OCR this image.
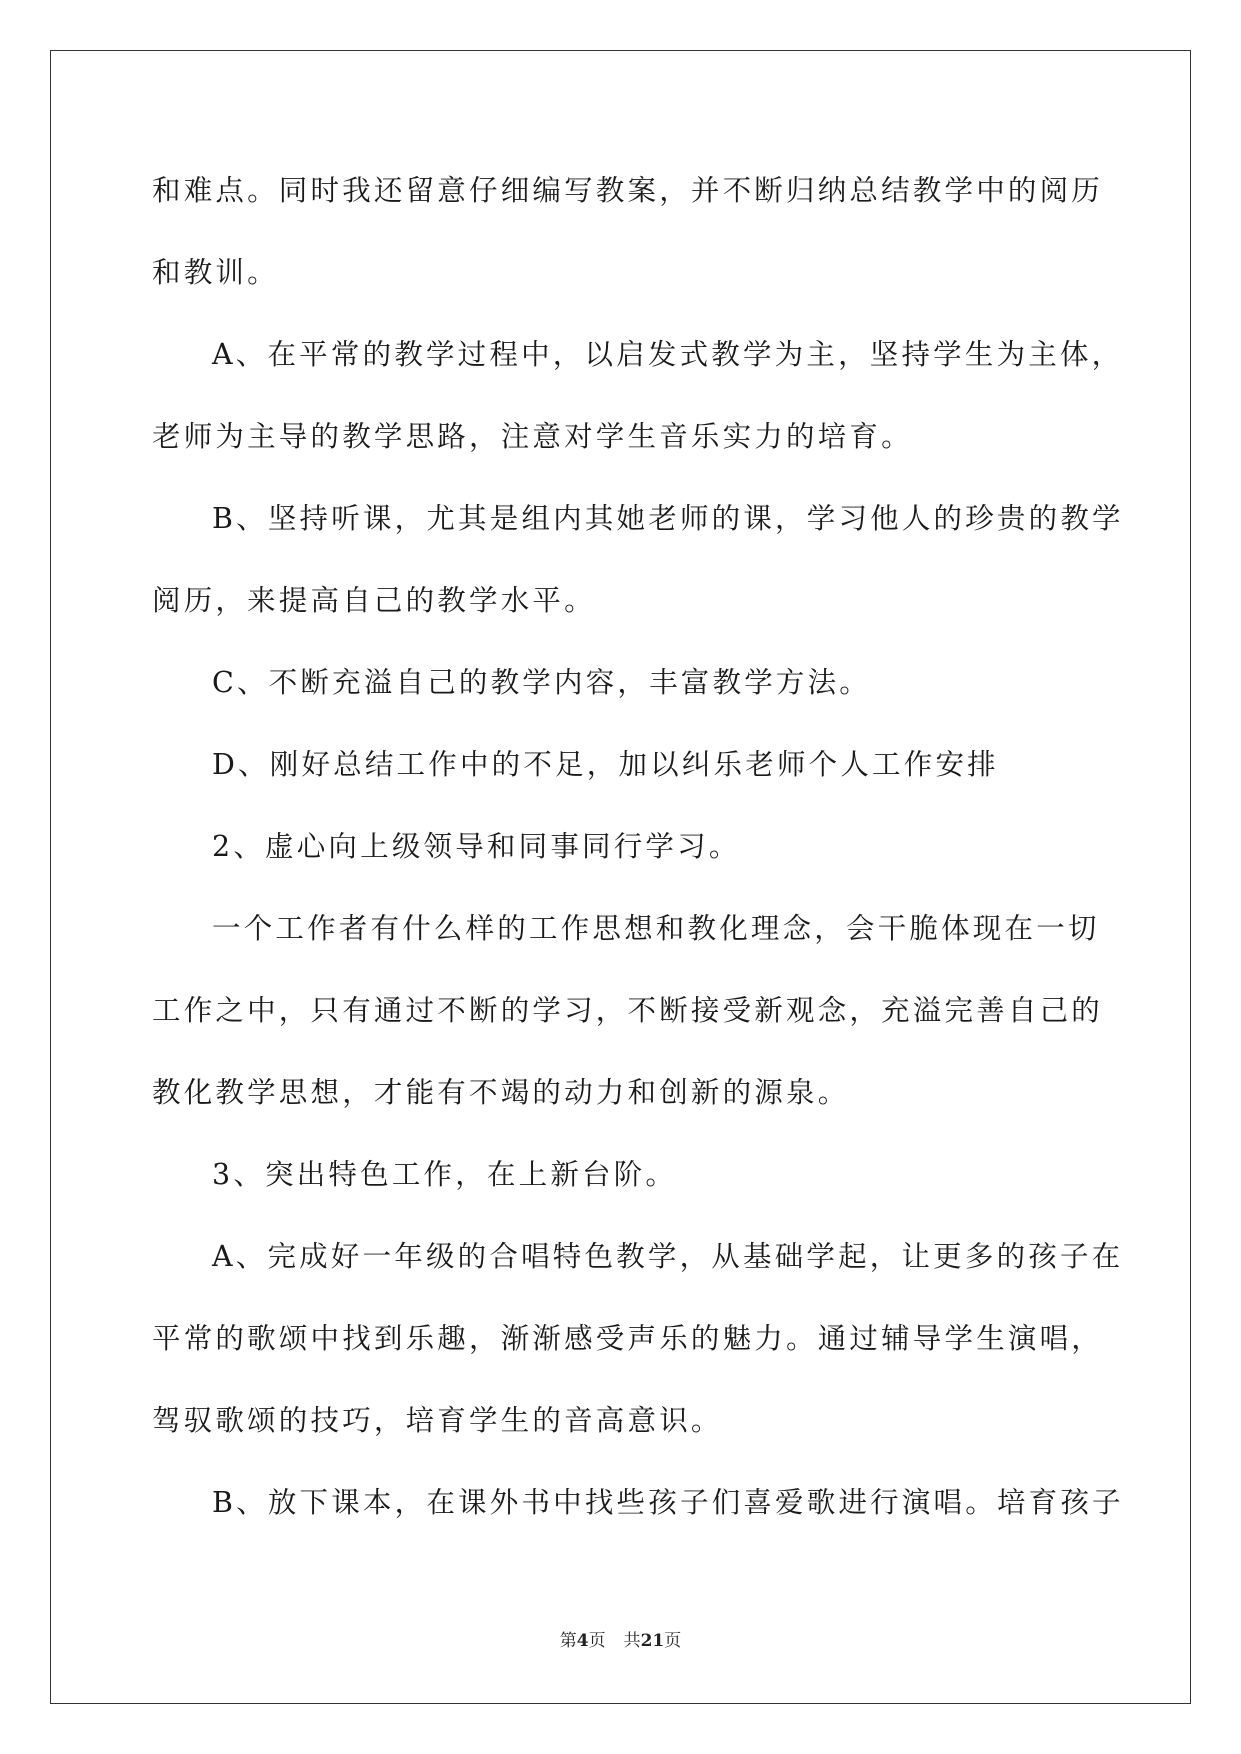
和难点。同时我还留意仔细编写教案，并不断归纳总结教学中的阅历
和教训。
A、在平常的教学过程中，以启发式教学为主，坚持学生为主体，
老师为主导的教学思路，注意对学生音乐实力的培育。
B、坚持听课，尤其是组内其她老师的课，学习他人的珍贵的教学
阅历，来提高自己的教学水平。
C、不断充溢自己的教学内容，丰富教学方法。
D、刚好总结工作中的不足，加以纠乐老师个人工作安排
2、虚心向上级领导和同事同行学习。
一个工作者有什么样的工作思想和教化理念，会干脆体现在一切
工作之中，只有通过不断的学习，不断接受新观念，充溢完善自己的
教化教学思想，才能有不竭的动力和创新的源泉。
3、突出特色工作，在上新台阶。
A、完成好一年级的合唱特色教学，从基础学起，让更多的孩子在
平常的歌颂中找到乐趣，渐渐感受声乐的魅力。通过辅导学生演唱，
驾驭歌颂的技巧，培育学生的音高意识。
B、放下课本，在课外书中找些孩子们喜爱歌进行演唱。培育孩子
第4页 共21页
